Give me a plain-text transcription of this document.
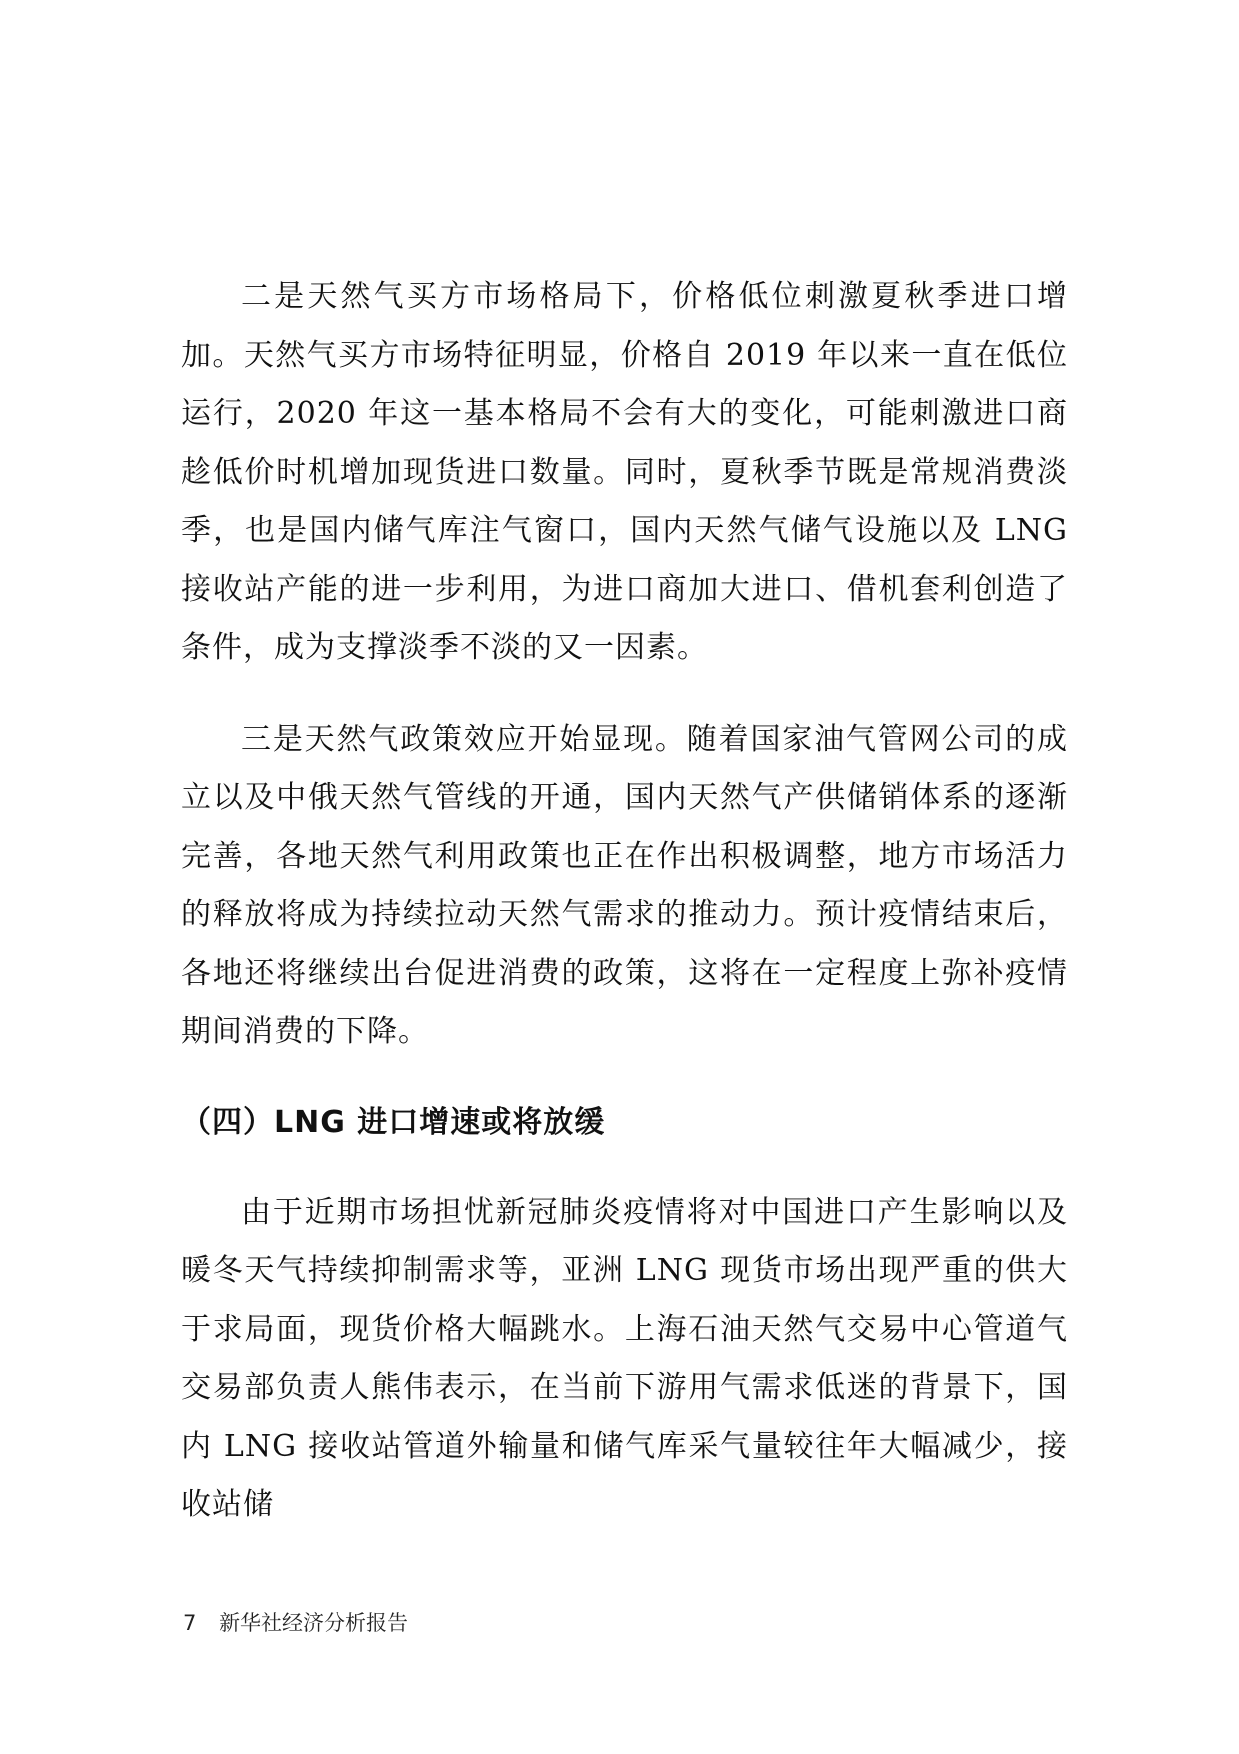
二是天然气买方市场格局下，价格低位刺激夏秋季进口增加。天然气买方市场特征明显，价格自 2019 年以来一直在低位运行，2020 年这一基本格局不会有大的变化，可能刺激进口商趁低价时机增加现货进口数量。同时，夏秋季节既是常规消费淡季，也是国内储气库注气窗口，国内天然气储气设施以及 LNG 接收站产能的进一步利用，为进口商加大进口、借机套利创造了条件，成为支撑淡季不淡的又一因素。

三是天然气政策效应开始显现。随着国家油气管网公司的成立以及中俄天然气管线的开通，国内天然气产供储销体系的逐渐完善，各地天然气利用政策也正在作出积极调整，地方市场活力的释放将成为持续拉动天然气需求的推动力。预计疫情结束后，各地还将继续出台促进消费的政策，这将在一定程度上弥补疫情期间消费的下降。

（四）LNG 进口增速或将放缓

由于近期市场担忧新冠肺炎疫情将对中国进口产生影响以及暖冬天气持续抑制需求等，亚洲 LNG 现货市场出现严重的供大于求局面，现货价格大幅跳水。上海石油天然气交易中心管道气交易部负责人熊伟表示，在当前下游用气需求低迷的背景下，国内 LNG 接收站管道外输量和储气库采气量较往年大幅减少，接收站储

7 新华社经济分析报告
